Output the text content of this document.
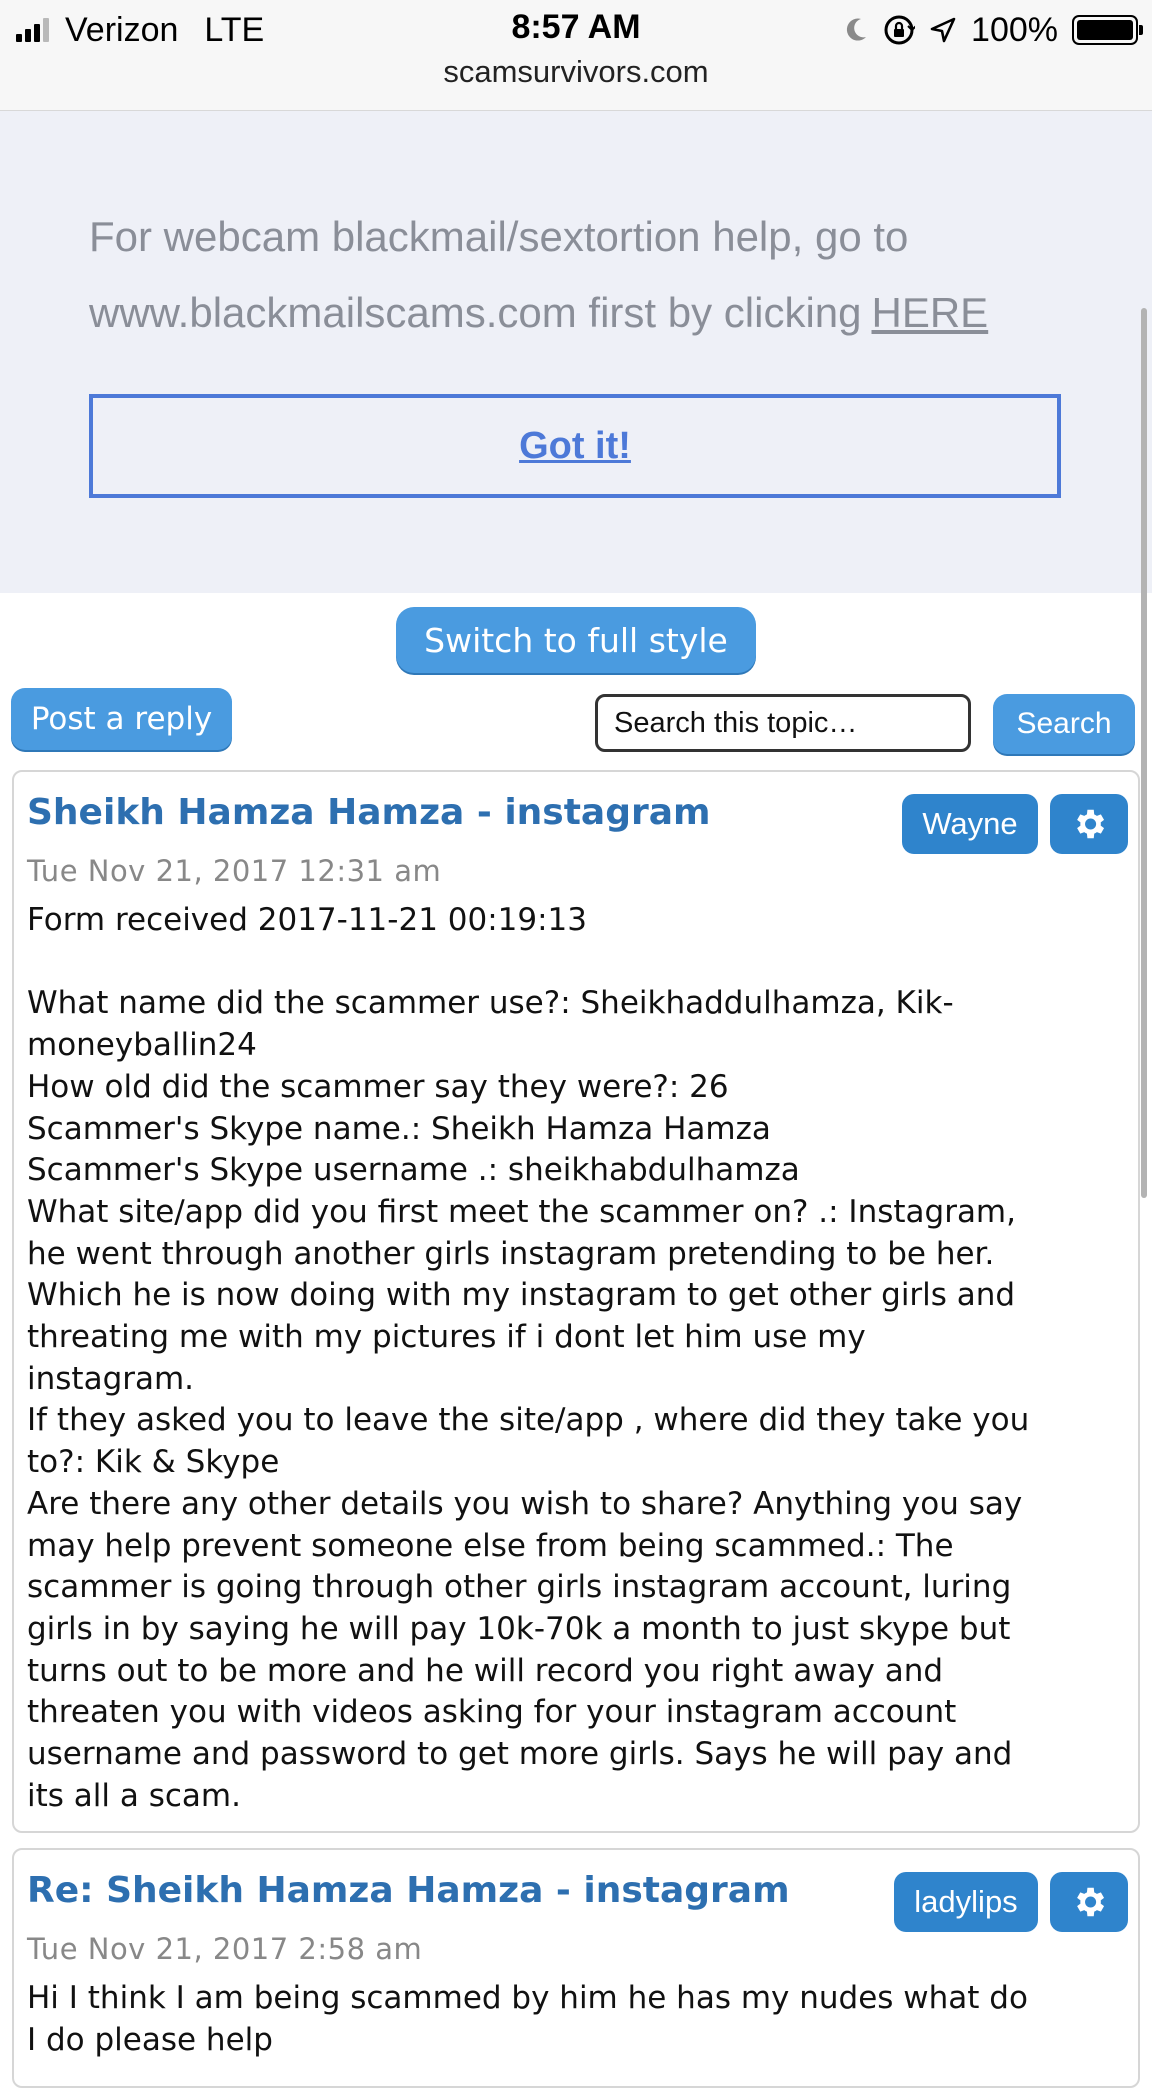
Verizon LTE	8:57 AM	100%
scamsurvivors.com
For webcam blackmail/sextortion help, go to www.blackmailscams.com first by clicking HERE
Got it!
Switch to full style
Post a reply	Search this topic…	Search
Sheikh Hamza Hamza - instagram	Wayne
Tue Nov 21, 2017 12:31 am
Form received 2017-11-21 00:19:13

What name did the scammer use?: Sheikhaddulhamza, Kik-
moneyballin24
How old did the scammer say they were?: 26
Scammer's Skype name.: Sheikh Hamza Hamza
Scammer's Skype username .: sheikhabdulhamza
What site/app did you first meet the scammer on? .: Instagram,
he went through another girls instagram pretending to be her.
Which he is now doing with my instagram to get other girls and
threating me with my pictures if i dont let him use my
instagram.
If they asked you to leave the site/app , where did they take you
to?: Kik & Skype
Are there any other details you wish to share? Anything you say
may help prevent someone else from being scammed.: The
scammer is going through other girls instagram account, luring
girls in by saying he will pay 10k-70k a month to just skype but
turns out to be more and he will record you right away and
threaten you with videos asking for your instagram account
username and password to get more girls. Says he will pay and
its all a scam.
Re: Sheikh Hamza Hamza - instagram	ladylips
Tue Nov 21, 2017 2:58 am
Hi I think I am being scammed by him he has my nudes what do
I do please help
